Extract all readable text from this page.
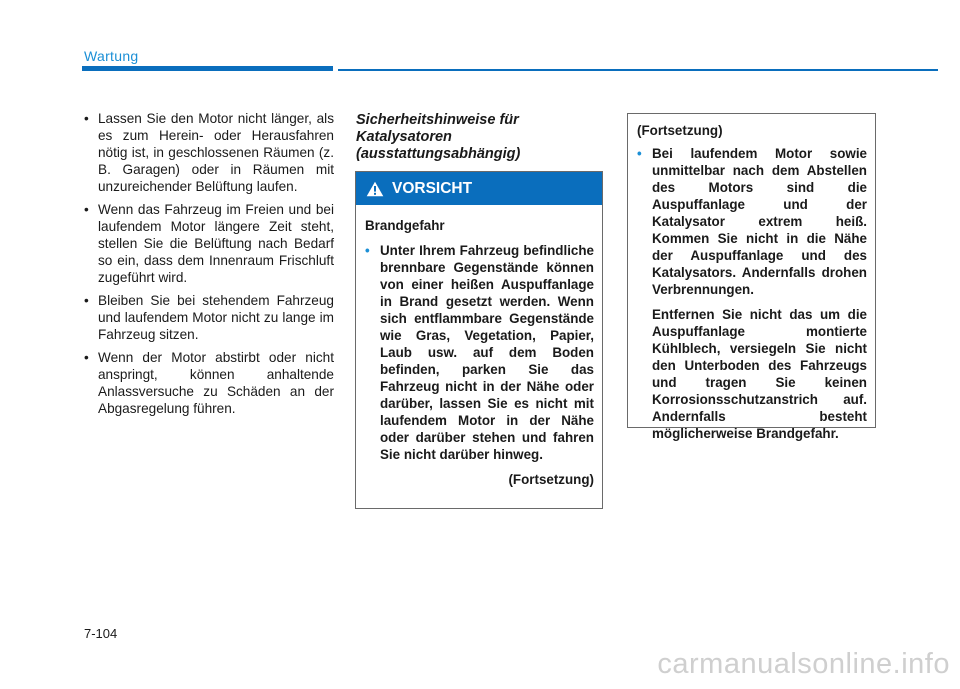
Wartung

• Lassen Sie den Motor nicht länger, als es zum Herein- oder Herausfahren nötig ist, in geschlossenen Räumen (z. B. Garagen) oder in Räumen mit unzureichender Belüftung laufen.

• Wenn das Fahrzeug im Freien und bei laufendem Motor längere Zeit steht, stellen Sie die Belüftung nach Bedarf so ein, dass dem Innenraum Frischluft zugeführt wird.

• Bleiben Sie bei stehendem Fahrzeug und laufendem Motor nicht zu lange im Fahrzeug sitzen.

• Wenn der Motor abstirbt oder nicht anspringt, können anhaltende Anlassversuche zu Schäden an der Abgasregelung führen.

Sicherheitshinweise für
Katalysatoren
(ausstattungsabhängig)
VORSICHT
Brandgefahr
• Unter Ihrem Fahrzeug befindliche brennbare Gegenstände können von einer heißen Auspuffanlage in Brand gesetzt werden. Wenn sich entflammbare Gegenstände wie Gras, Vegetation, Papier, Laub usw. auf dem Boden befinden, parken Sie das Fahrzeug nicht in der Nähe oder darüber, lassen Sie es nicht mit laufendem Motor in der Nähe oder darüber stehen und fahren Sie nicht darüber hinweg.
(Fortsetzung)
(Fortsetzung)
• Bei laufendem Motor sowie unmittelbar nach dem Abstellen des Motors sind die Auspuffanlage und der Katalysator extrem heiß. Kommen Sie nicht in die Nähe der Auspuffanlage und des Katalysators. Andernfalls drohen Verbrennungen.
Entfernen Sie nicht das um die Auspuffanlage montierte Kühlblech, versiegeln Sie nicht den Unterboden des Fahrzeugs und tragen Sie keinen Korrosionsschutzanstrich auf. Andernfalls besteht möglicherweise Brandgefahr.
7-104
carmanualsonline.info
